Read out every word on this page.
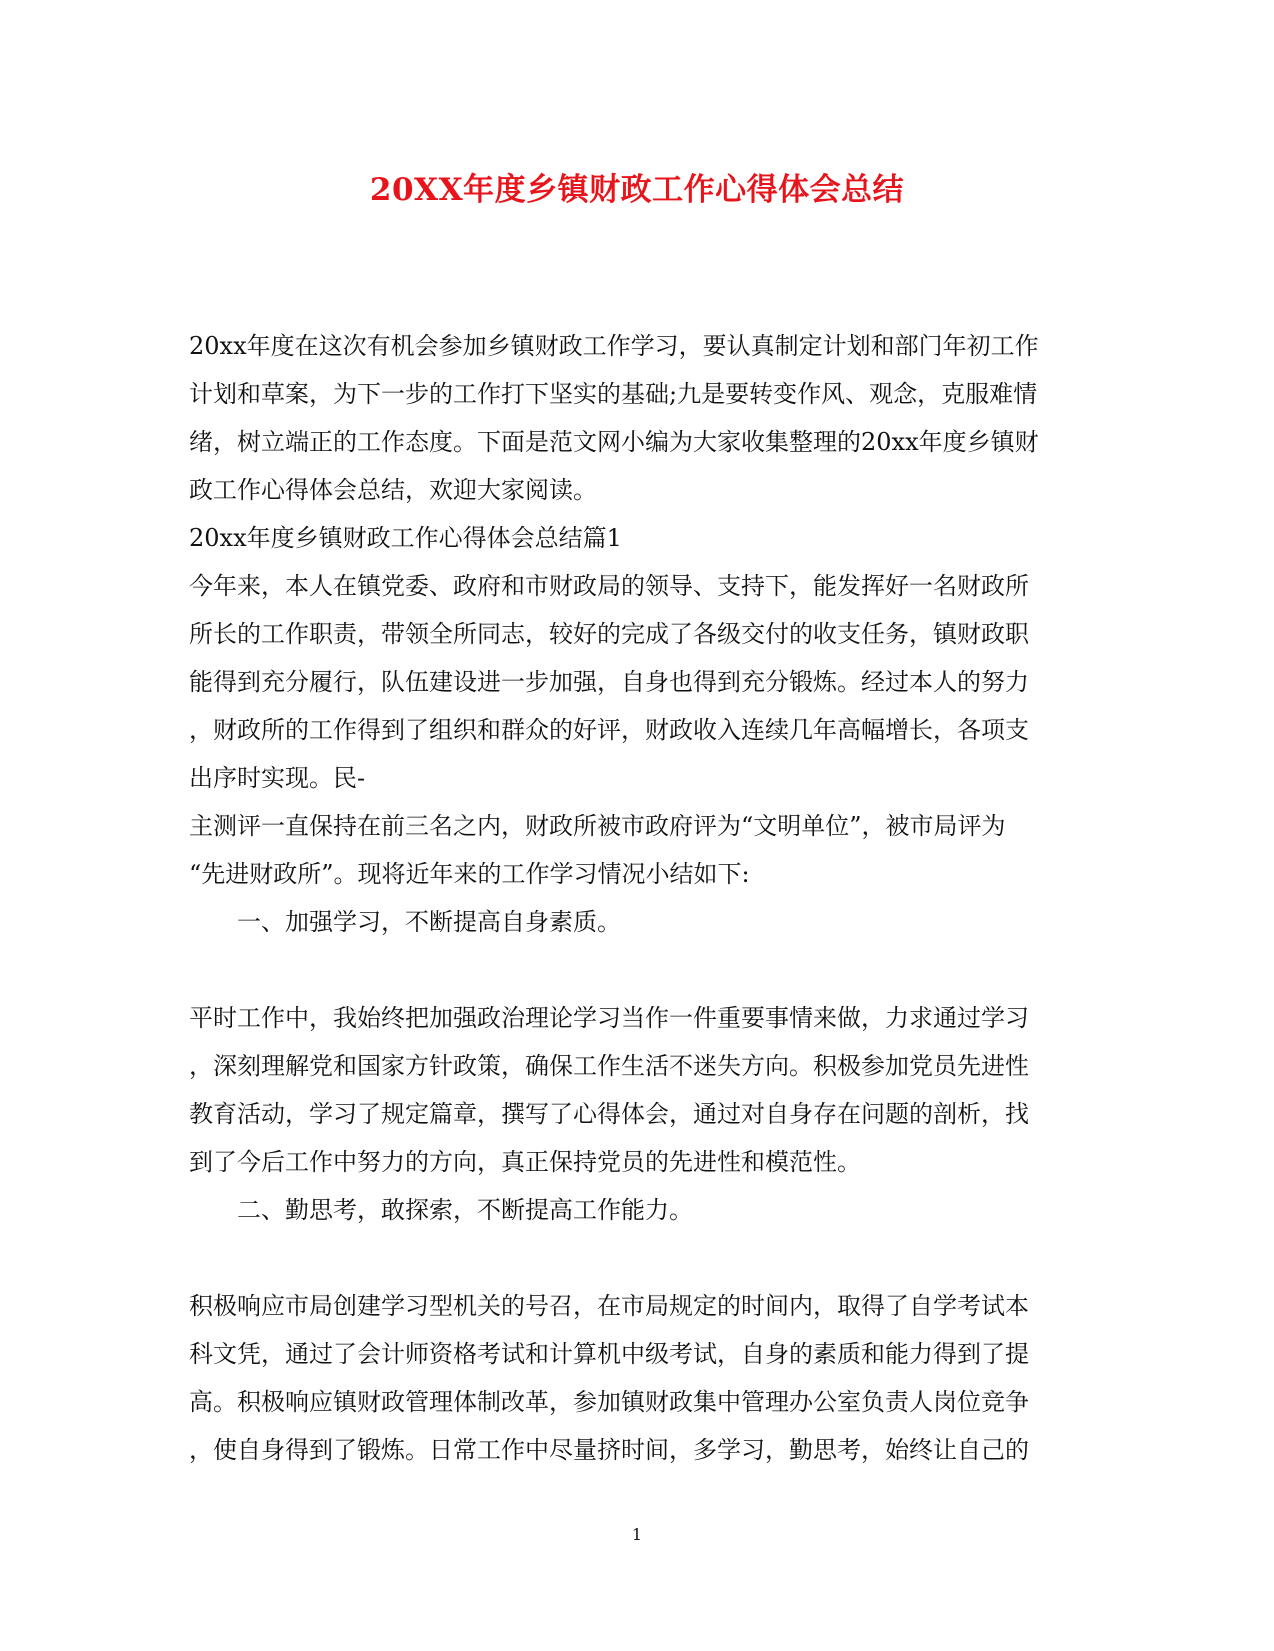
20XX年度乡镇财政工作心得体会总结
20xx年度在这次有机会参加乡镇财政工作学习，要认真制定计划和部门年初工作
计划和草案，为下一步的工作打下坚实的基础;九是要转变作风、观念，克服难情
绪，树立端正的工作态度。下面是范文网小编为大家收集整理的20xx年度乡镇财
政工作心得体会总结，欢迎大家阅读。
20xx年度乡镇财政工作心得体会总结篇1
今年来，本人在镇党委、政府和市财政局的领导、支持下，能发挥好一名财政所
所长的工作职责，带领全所同志，较好的完成了各级交付的收支任务，镇财政职
能得到充分履行，队伍建设进一步加强，自身也得到充分锻炼。经过本人的努力
，财政所的工作得到了组织和群众的好评，财政收入连续几年高幅增长，各项支
出序时实现。民-
主测评一直保持在前三名之内，财政所被市政府评为“文明单位”，被市局评为
“先进财政所”。现将近年来的工作学习情况小结如下:
一、加强学习，不断提高自身素质。
平时工作中，我始终把加强政治理论学习当作一件重要事情来做，力求通过学习
，深刻理解党和国家方针政策，确保工作生活不迷失方向。积极参加党员先进性
教育活动，学习了规定篇章，撰写了心得体会，通过对自身存在问题的剖析，找
到了今后工作中努力的方向，真正保持党员的先进性和模范性。
二、勤思考，敢探索，不断提高工作能力。
积极响应市局创建学习型机关的号召，在市局规定的时间内，取得了自学考试本
科文凭，通过了会计师资格考试和计算机中级考试，自身的素质和能力得到了提
高。积极响应镇财政管理体制改革，参加镇财政集中管理办公室负责人岗位竞争
，使自身得到了锻炼。日常工作中尽量挤时间，多学习，勤思考，始终让自己的
1
